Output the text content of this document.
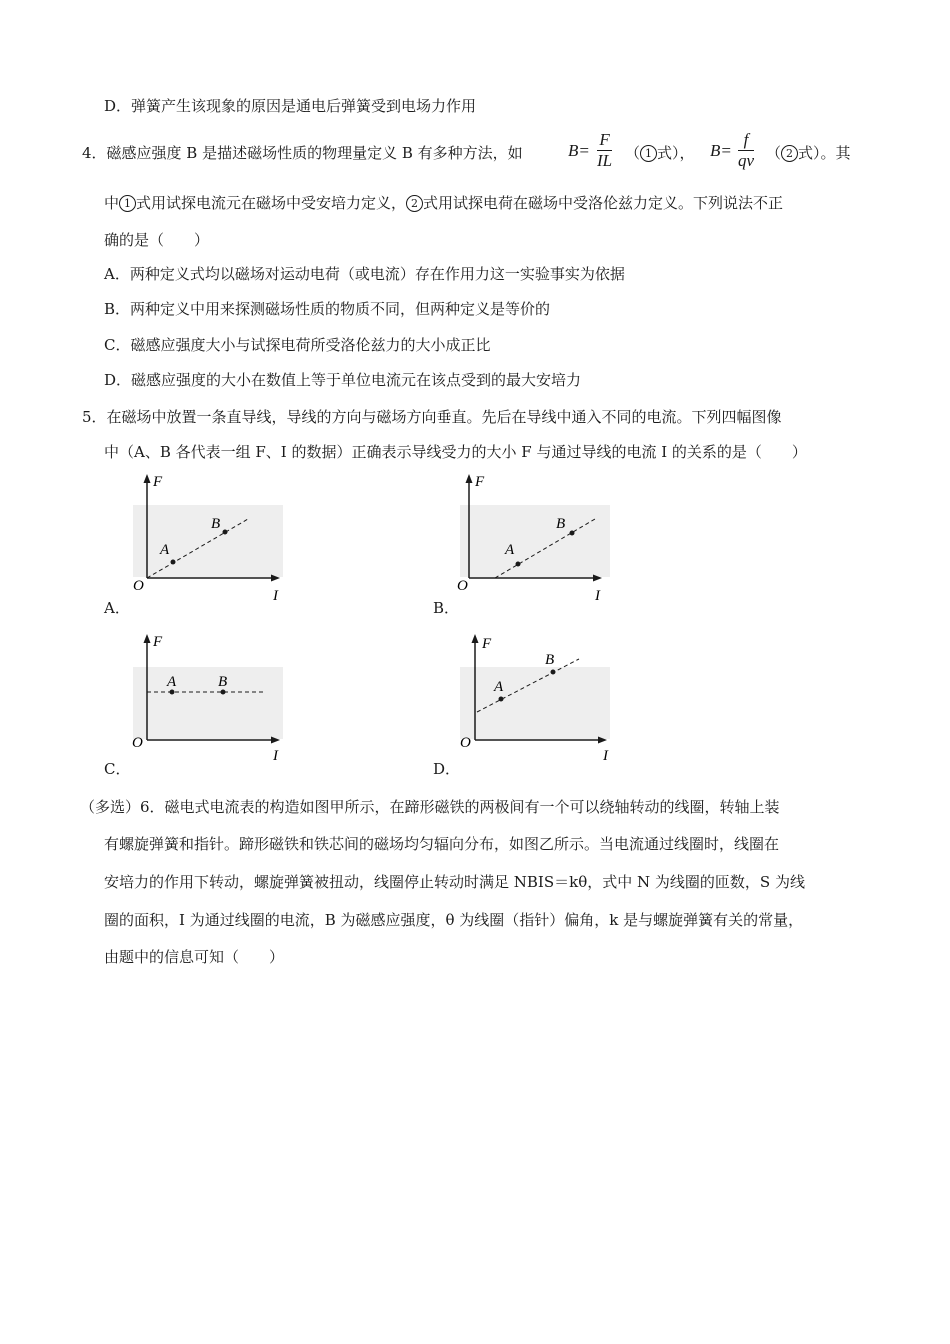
D．弹簧产生该现象的原因是通电后弹簧受到电场力作用
4．磁感应强度 B 是描述磁场性质的物理量定义 B 有多种方法，如	$B= \frac{F}{IL}$ （ 1 式）， $B= \frac{f}{qv}$ （ 2 式）。其
中 1 式用试探电流元在磁场中受安培力定义， 2 式用试探电荷在磁场中受洛伦兹力定义。下列说法不正
确的是（　　）
A．两种定义式均以磁场对运动电荷（或电流）存在作用力这一实验事实为依据
B．两种定义中用来探测磁场性质的物质不同，但两种定义是等价的
C．磁感应强度大小与试探电荷所受洛伦兹力的大小成正比
D．磁感应强度的大小在数值上等于单位电流元在该点受到的最大安培力
5．在磁场中放置一条直导线，导线的方向与磁场方向垂直。先后在导线中通入不同的电流。下列四幅图像
中（A、B 各代表一组 F、I 的数据）正确表示导线受力的大小 F 与通过导线的电流 I 的关系的是（　　）
F
I
O
A
B
A．
F
I
O
A
B
B．
F
I
O
A	B
C．
F
I
O
A
B
D．
（多选）6．磁电式电流表的构造如图甲所示，在蹄形磁铁的两极间有一个可以绕轴转动的线圈，转轴上装
有螺旋弹簧和指针。蹄形磁铁和铁芯间的磁场均匀辐向分布，如图乙所示。当电流通过线圈时，线圈在
安培力的作用下转动，螺旋弹簧被扭动，线圈停止转动时满足 NBIS＝kθ，式中 N 为线圈的匝数，S 为线
圈的面积，I 为通过线圈的电流，B 为磁感应强度，θ 为线圈（指针）偏角，k 是与螺旋弹簧有关的常量，
由题中的信息可知（　　）
